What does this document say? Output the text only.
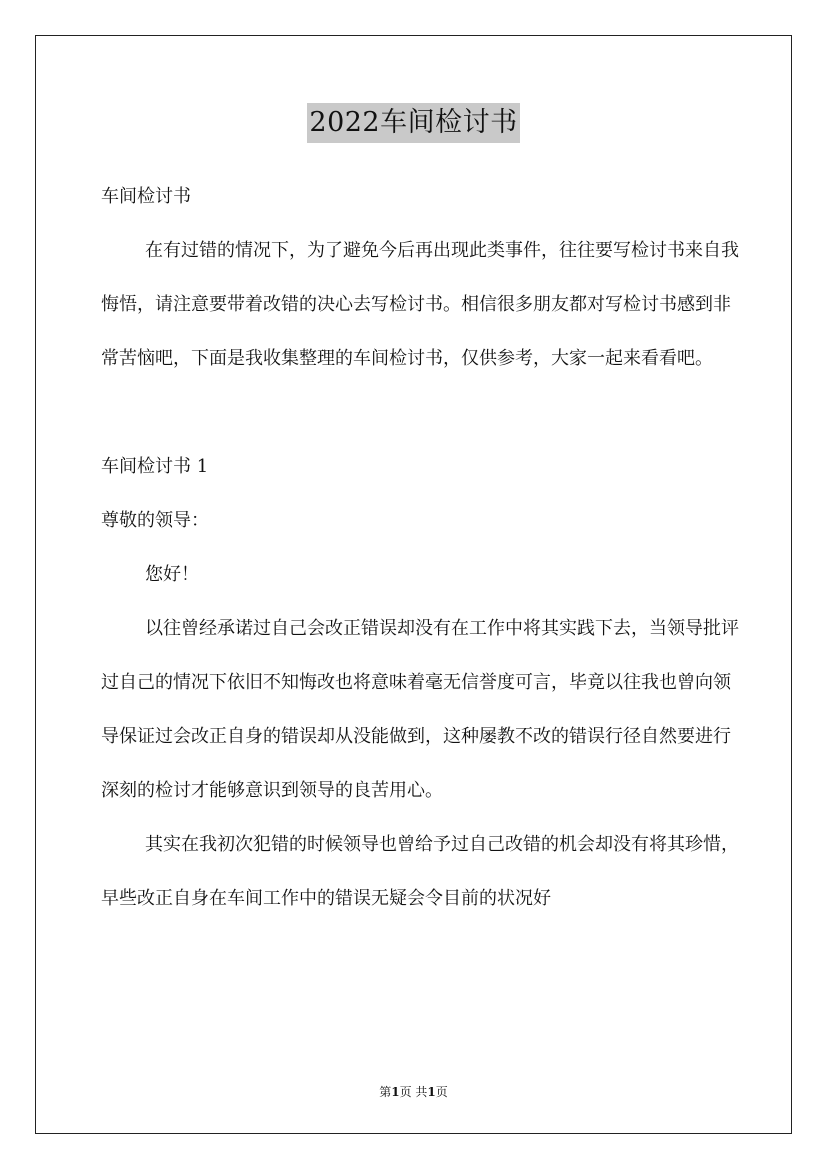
2022车间检讨书

车间检讨书

在有过错的情况下，为了避免今后再出现此类事件，往往要写检讨书来自我悔悟，请注意要带着改错的决心去写检讨书。相信很多朋友都对写检讨书感到非常苦恼吧，下面是我收集整理的车间检讨书，仅供参考，大家一起来看看吧。

车间检讨书 1

尊敬的领导：

您好！

以往曾经承诺过自己会改正错误却没有在工作中将其实践下去，当领导批评过自己的情况下依旧不知悔改也将意味着毫无信誉度可言，毕竟以往我也曾向领导保证过会改正自身的错误却从没能做到，这种屡教不改的错误行径自然要进行深刻的检讨才能够意识到领导的良苦用心。

其实在我初次犯错的时候领导也曾给予过自己改错的机会却没有将其珍惜，早些改正自身在车间工作中的错误无疑会令目前的状况好

第1页 共1页
